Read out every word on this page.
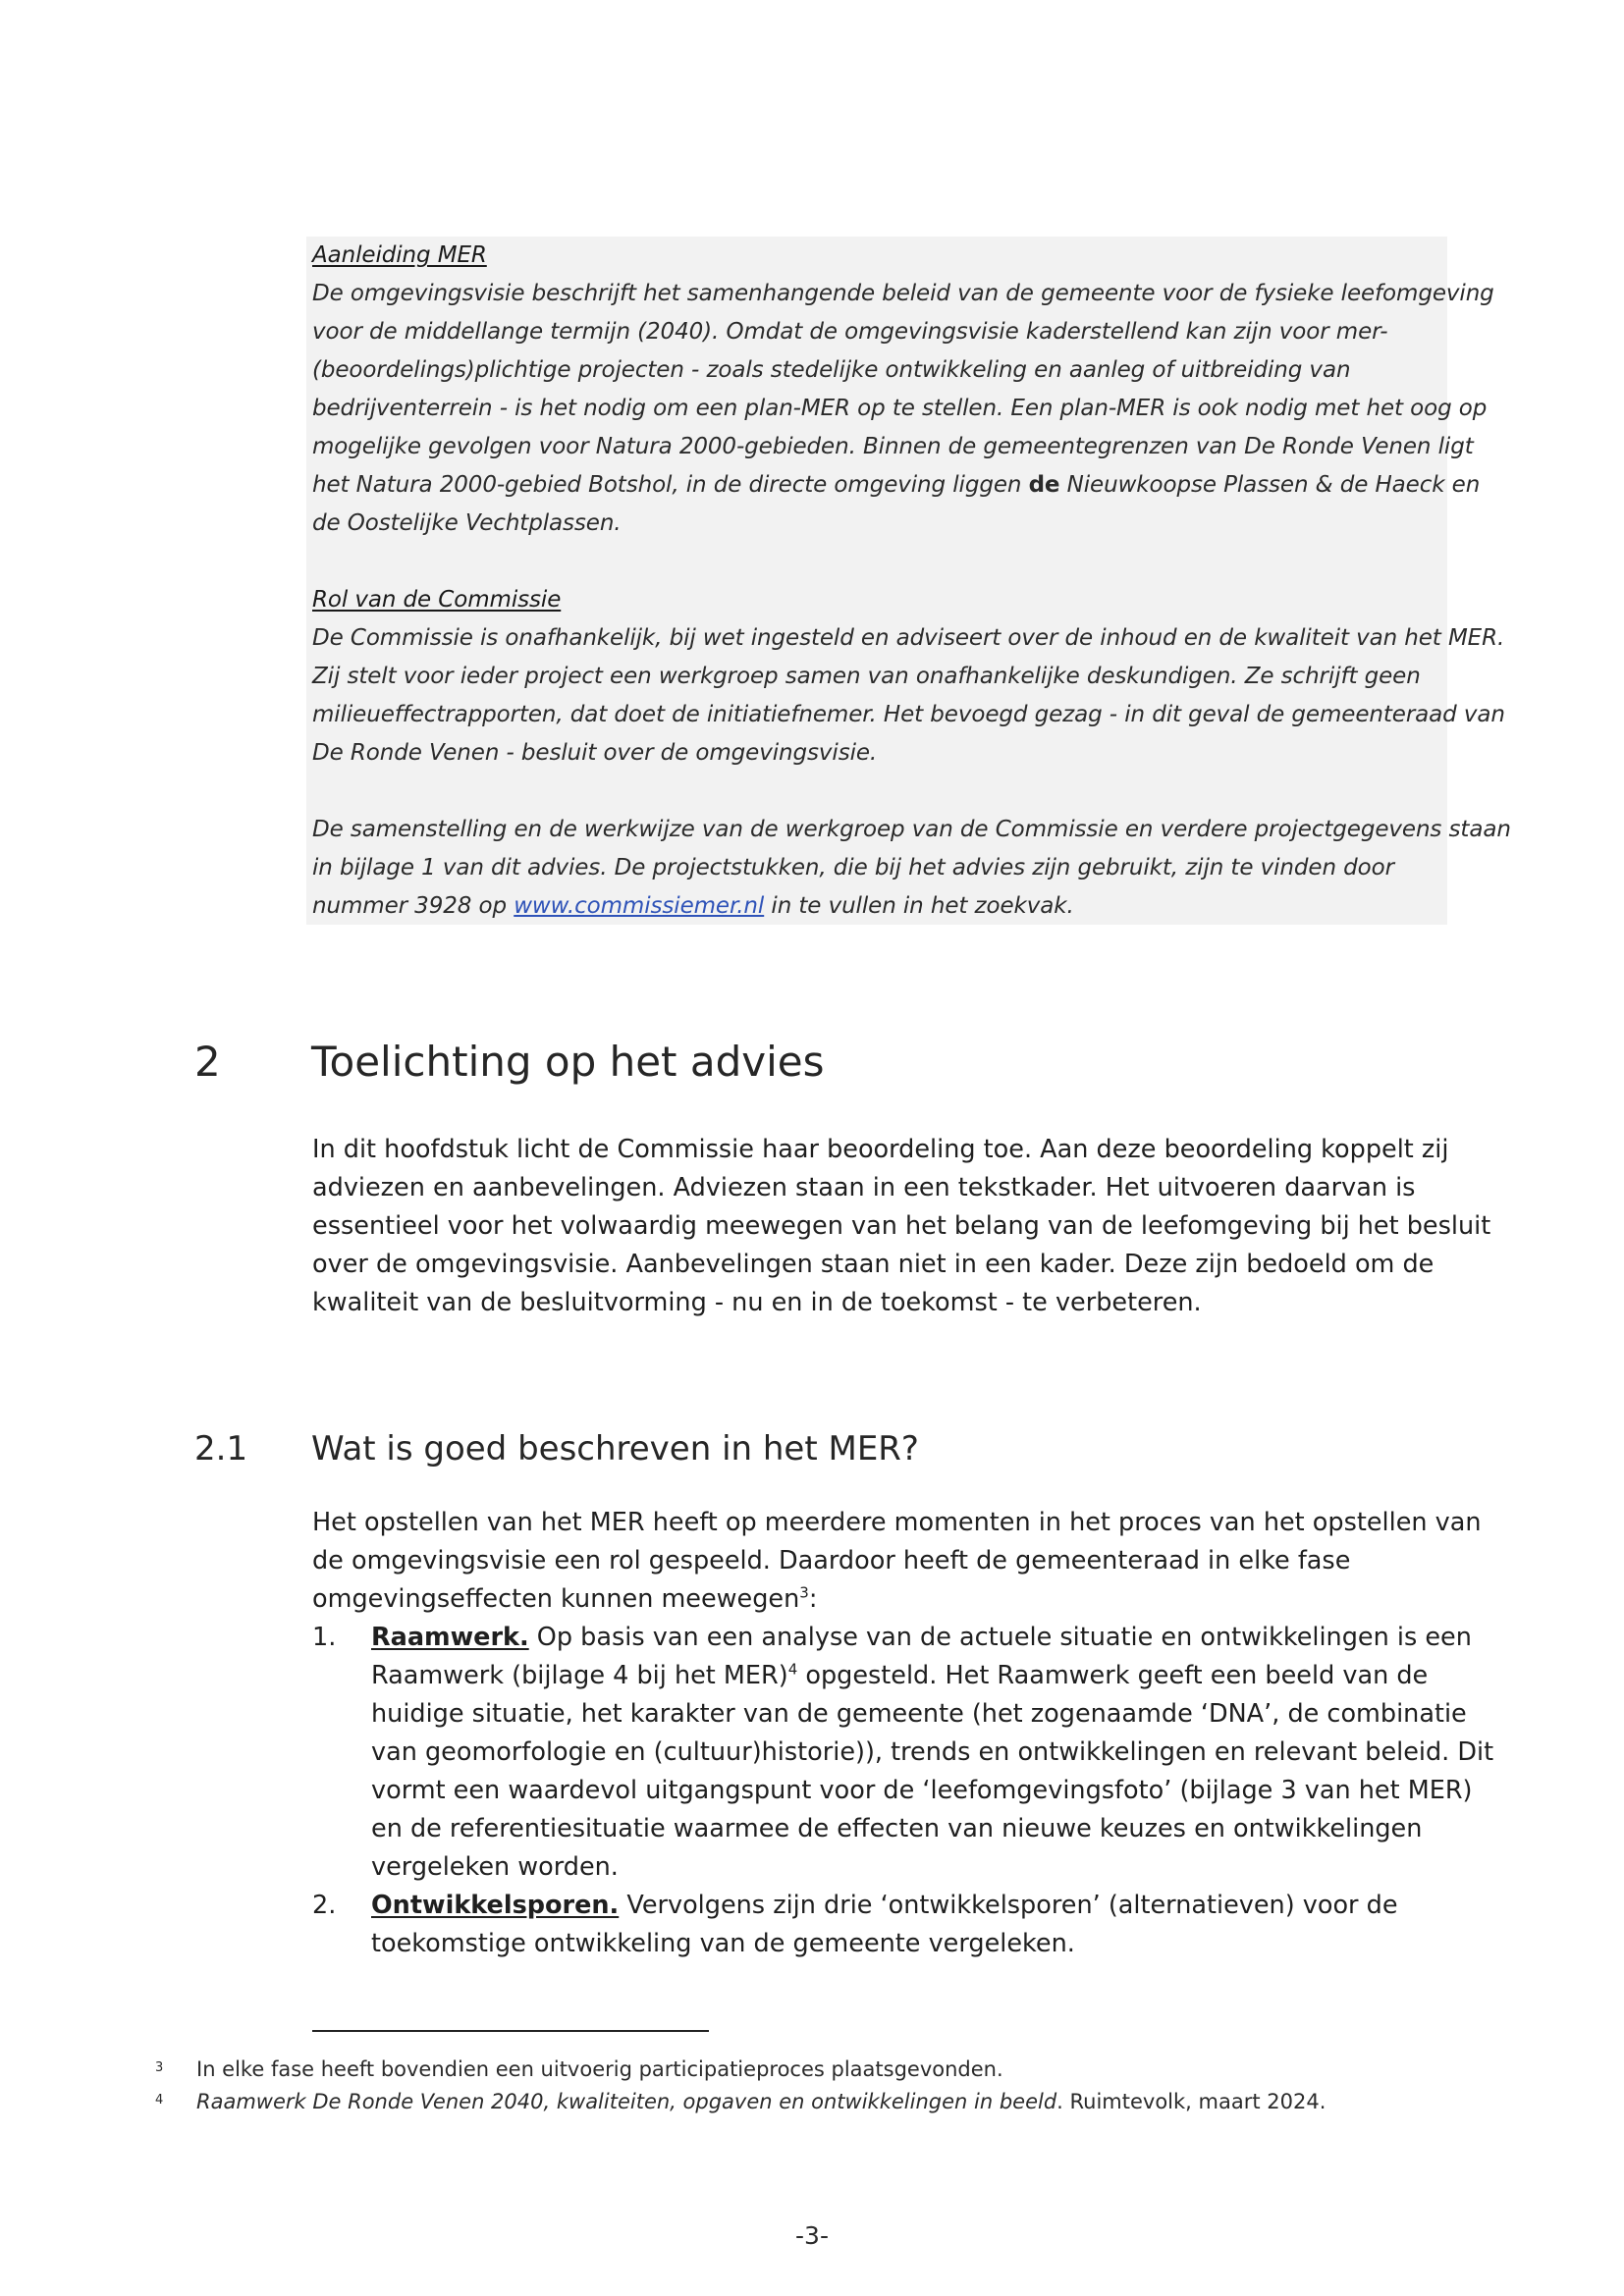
Aanleiding MER
De omgevingsvisie beschrijft het samenhangende beleid van de gemeente voor de fysieke leefomgeving
voor de middellange termijn (2040). Omdat de omgevingsvisie kaderstellend kan zijn voor mer-
(beoordelings)plichtige projecten - zoals stedelijke ontwikkeling en aanleg of uitbreiding van
bedrijventerrein - is het nodig om een plan-MER op te stellen. Een plan-MER is ook nodig met het oog op
mogelijke gevolgen voor Natura 2000-gebieden. Binnen de gemeentegrenzen van De Ronde Venen ligt
het Natura 2000-gebied Botshol, in de directe omgeving liggen de Nieuwkoopse Plassen & de Haeck en
de Oostelijke Vechtplassen.
Rol van de Commissie
De Commissie is onafhankelijk, bij wet ingesteld en adviseert over de inhoud en de kwaliteit van het MER.
Zij stelt voor ieder project een werkgroep samen van onafhankelijke deskundigen. Ze schrijft geen
milieueffectrapporten, dat doet de initiatiefnemer. Het bevoegd gezag - in dit geval de gemeenteraad van
De Ronde Venen - besluit over de omgevingsvisie.
De samenstelling en de werkwijze van de werkgroep van de Commissie en verdere projectgegevens staan
in bijlage 1 van dit advies. De projectstukken, die bij het advies zijn gebruikt, zijn te vinden door
nummer 3928 op www.commissiemer.nl in te vullen in het zoekvak.
2 Toelichting op het advies
In dit hoofdstuk licht de Commissie haar beoordeling toe. Aan deze beoordeling koppelt zij
adviezen en aanbevelingen. Adviezen staan in een tekstkader. Het uitvoeren daarvan is
essentieel voor het volwaardig meewegen van het belang van de leefomgeving bij het besluit
over de omgevingsvisie. Aanbevelingen staan niet in een kader. Deze zijn bedoeld om de
kwaliteit van de besluitvorming - nu en in de toekomst - te verbeteren.
2.1 Wat is goed beschreven in het MER?
Het opstellen van het MER heeft op meerdere momenten in het proces van het opstellen van
de omgevingsvisie een rol gespeeld. Daardoor heeft de gemeenteraad in elke fase
omgevingseffecten kunnen meewegen$^3$:
1. Raamwerk. Op basis van een analyse van de actuele situatie en ontwikkelingen is een
Raamwerk (bijlage 4 bij het MER)$^4$ opgesteld. Het Raamwerk geeft een beeld van de
huidige situatie, het karakter van de gemeente (het zogenaamde ‘DNA’, de combinatie
van geomorfologie en (cultuur)historie)), trends en ontwikkelingen en relevant beleid. Dit
vormt een waardevol uitgangspunt voor de ‘leefomgevingsfoto’ (bijlage 3 van het MER)
en de referentiesituatie waarmee de effecten van nieuwe keuzes en ontwikkelingen
vergeleken worden.
2. Ontwikkelsporen. Vervolgens zijn drie ‘ontwikkelsporen’ (alternatieven) voor de
toekomstige ontwikkeling van de gemeente vergeleken.
3 In elke fase heeft bovendien een uitvoerig participatieproces plaatsgevonden.
4 Raamwerk De Ronde Venen 2040, kwaliteiten, opgaven en ontwikkelingen in beeld. Ruimtevolk, maart 2024.
-3-
